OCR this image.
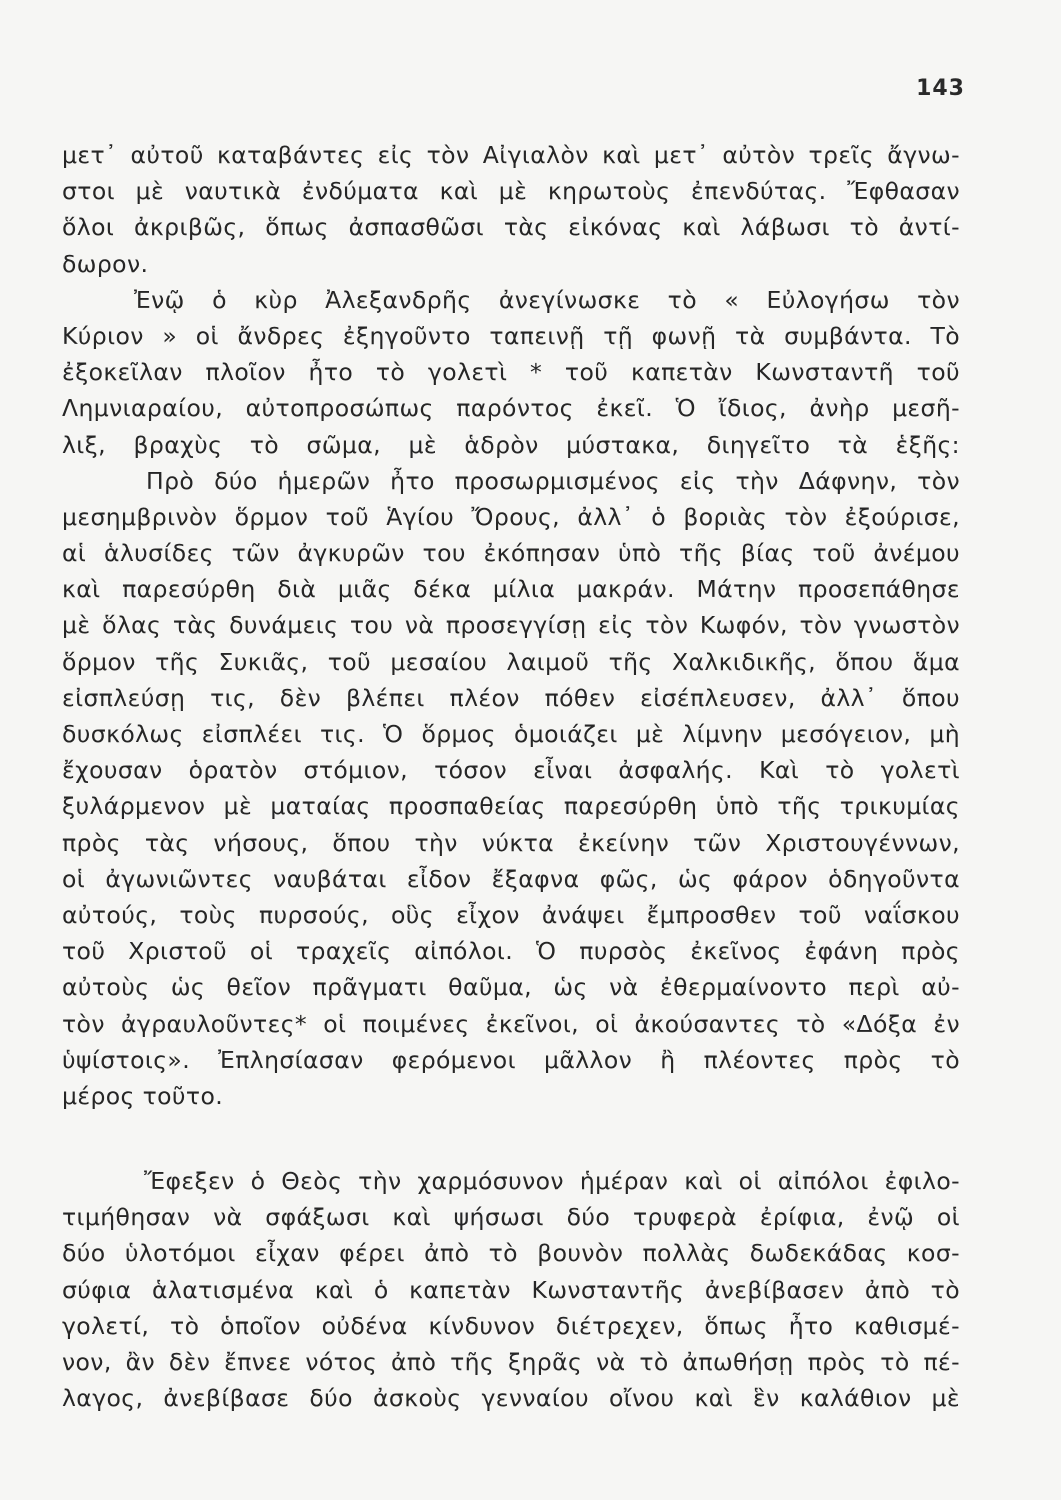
143
μετ᾽ αὐτοῦ καταβάντες εἰς τὸν Αἰγιαλὸν καὶ μετ᾽ αὐτὸν τρεῖς ἄγνω-
στοι μὲ ναυτικὰ ἐνδύματα καὶ μὲ κηρωτοὺς ἐπενδύτας. Ἔφθασαν
ὅλοι ἀκριβῶς, ὅπως ἀσπασθῶσι τὰς εἰκόνας καὶ λάβωσι τὸ ἀντί-
δωρον.
Ἐνῷ ὁ κὺρ Ἀλεξανδρῆς ἀνεγίνωσκε τὸ « Εὐλογήσω τὸν
Κύριον » οἱ ἄνδρες ἐξηγοῦντο ταπεινῇ τῇ φωνῇ τὰ συμβάντα. Τὸ
ἐξοκεῖλαν πλοῖον ἦτο τὸ γολετὶ * τοῦ καπετὰν Κωνσταντῆ τοῦ
Λημνιαραίου, αὐτοπροσώπως παρόντος ἐκεῖ. Ὁ ἴδιος, ἀνὴρ μεσῆ-
λιξ, βραχὺς τὸ σῶμα, μὲ ἁδρὸν μύστακα, διηγεῖτο τὰ ἑξῆς:
Πρὸ δύο ἡμερῶν ἦτο προσωρμισμένος εἰς τὴν Δάφνην, τὸν
μεσημβρινὸν ὅρμον τοῦ Ἁγίου Ὄρους, ἀλλ᾽ ὁ βοριὰς τὸν ἐξούρισε,
αἱ ἁλυσίδες τῶν ἀγκυρῶν του ἐκόπησαν ὑπὸ τῆς βίας τοῦ ἀνέμου
καὶ παρεσύρθη διὰ μιᾶς δέκα μίλια μακράν. Μάτην προσεπάθησε
μὲ ὅλας τὰς δυνάμεις του νὰ προσεγγίσῃ εἰς τὸν Κωφόν, τὸν γνωστὸν
ὅρμον τῆς Συκιᾶς, τοῦ μεσαίου λαιμοῦ τῆς Χαλκιδικῆς, ὅπου ἅμα
εἰσπλεύσῃ τις, δὲν βλέπει πλέον πόθεν εἰσέπλευσεν, ἀλλ᾽ ὅπου
δυσκόλως εἰσπλέει τις. Ὁ ὅρμος ὁμοιάζει μὲ λίμνην μεσόγειον, μὴ
ἔχουσαν ὁρατὸν στόμιον, τόσον εἶναι ἀσφαλής. Καὶ τὸ γολετὶ
ξυλάρμενον μὲ ματαίας προσπαθείας παρεσύρθη ὑπὸ τῆς τρικυμίας
πρὸς τὰς νήσους, ὅπου τὴν νύκτα ἐκείνην τῶν Χριστουγέννων,
οἱ ἀγωνιῶντες ναυβάται εἶδον ἔξαφνα φῶς, ὡς φάρον ὁδηγοῦντα
αὐτούς, τοὺς πυρσούς, οὓς εἶχον ἀνάψει ἔμπροσθεν τοῦ ναΐσκου
τοῦ Χριστοῦ οἱ τραχεῖς αἰπόλοι. Ὁ πυρσὸς ἐκεῖνος ἐφάνη πρὸς
αὐτοὺς ὡς θεῖον πρᾶγματι θαῦμα, ὡς νὰ ἐθερμαίνοντο περὶ αὐ-
τὸν ἀγραυλοῦντες* οἱ ποιμένες ἐκεῖνοι, οἱ ἀκούσαντες τὸ «Δόξα ἐν
ὑψίστοις». Ἐπλησίασαν φερόμενοι μᾶλλον ἢ πλέοντες πρὸς τὸ
μέρος τοῦτο.
Ἔφεξεν ὁ Θεὸς τὴν χαρμόσυνον ἡμέραν καὶ οἱ αἰπόλοι ἐφιλο-
τιμήθησαν νὰ σφάξωσι καὶ ψήσωσι δύο τρυφερὰ ἐρίφια, ἐνῷ οἱ
δύο ὑλοτόμοι εἶχαν φέρει ἀπὸ τὸ βουνὸν πολλὰς δωδεκάδας κοσ-
σύφια ἁλατισμένα καὶ ὁ καπετὰν Κωνσταντῆς ἀνεβίβασεν ἀπὸ τὸ
γολετί, τὸ ὁποῖον οὐδένα κίνδυνον διέτρεχεν, ὅπως ἦτο καθισμέ-
νον, ἂν δὲν ἔπνεε νότος ἀπὸ τῆς ξηρᾶς νὰ τὸ ἀπωθήσῃ πρὸς τὸ πέ-
λαγος, ἀνεβίβασε δύο ἀσκοὺς γενναίου οἴνου καὶ ἓν καλάθιον μὲ
